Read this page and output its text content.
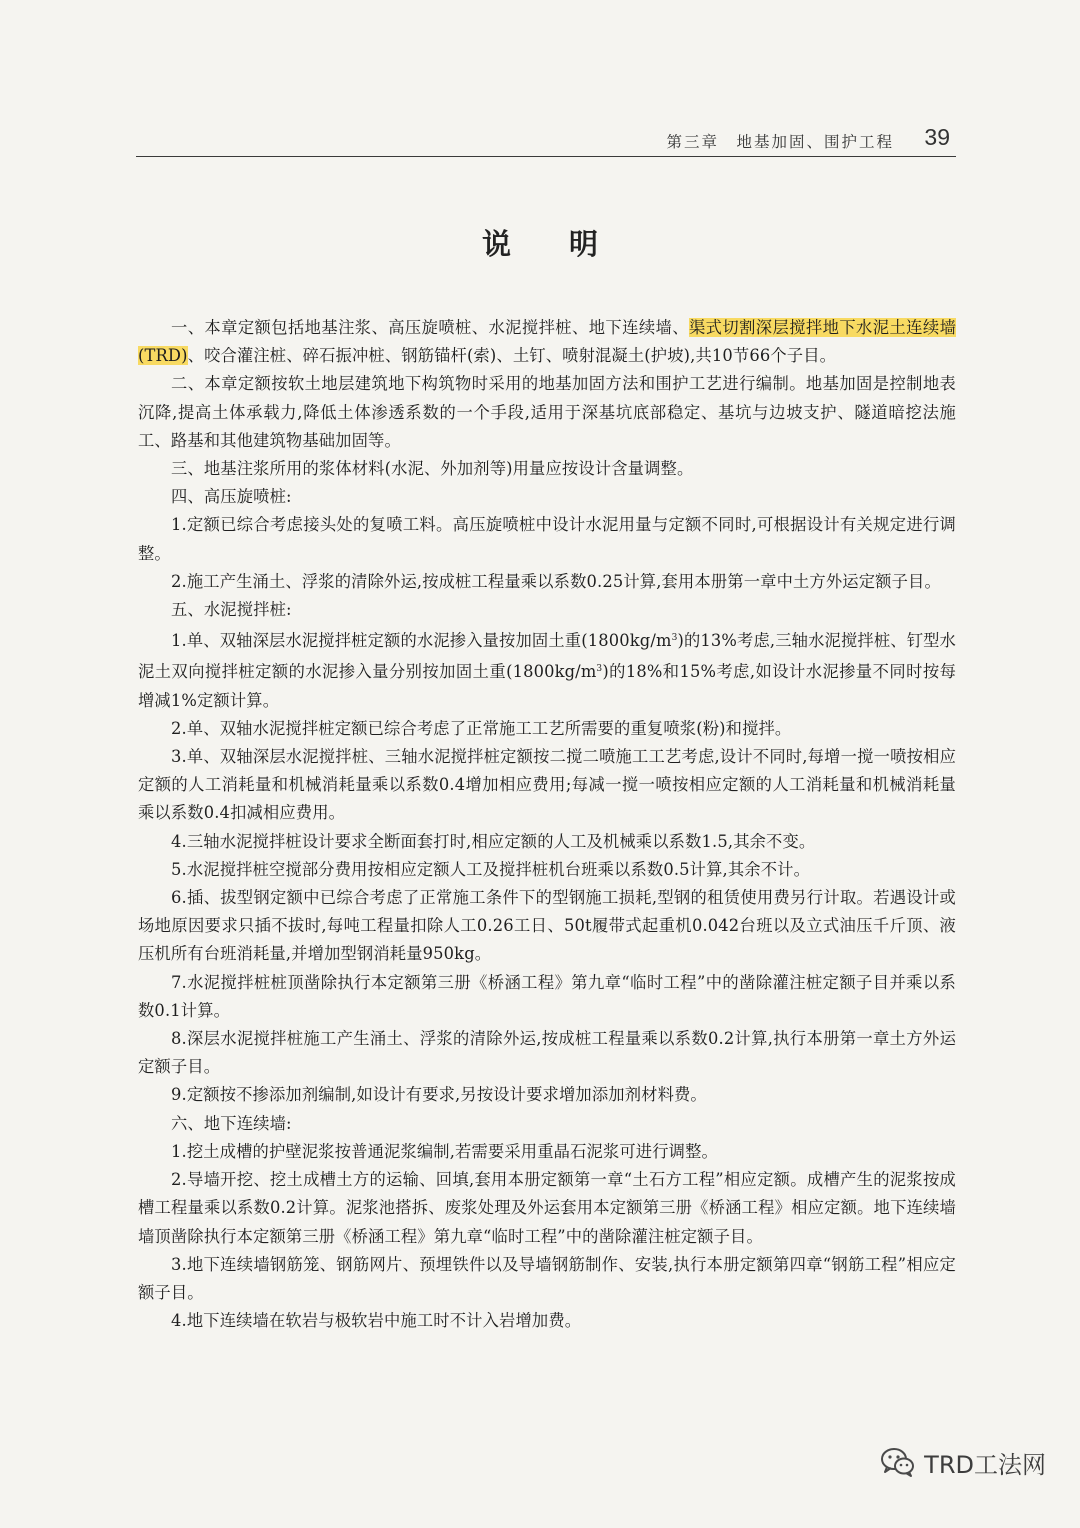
第三章　地基加固、围护工程 39
说明

一、本章定额包括地基注浆、高压旋喷桩、水泥搅拌桩、地下连续墙、渠式切割深层搅拌地下水泥土连续墙(TRD)、咬合灌注桩、碎石振冲桩、钢筋锚杆(索)、土钉、喷射混凝土(护坡),共10节66个子目。

二、本章定额按软土地层建筑地下构筑物时采用的地基加固方法和围护工艺进行编制。地基加固是控制地表沉降,提高土体承载力,降低土体渗透系数的一个手段,适用于深基坑底部稳定、基坑与边坡支护、隧道暗挖法施工、路基和其他建筑物基础加固等。

三、地基注浆所用的浆体材料(水泥、外加剂等)用量应按设计含量调整。

四、高压旋喷桩:

1.定额已综合考虑接头处的复喷工料。高压旋喷桩中设计水泥用量与定额不同时,可根据设计有关规定进行调整。

2.施工产生涌土、浮浆的清除外运,按成桩工程量乘以系数0.25计算,套用本册第一章中土方外运定额子目。

五、水泥搅拌桩:

1.单、双轴深层水泥搅拌桩定额的水泥掺入量按加固土重$(1800kg/m^3)$的13%考虑,三轴水泥搅拌桩、钉型水泥土双向搅拌桩定额的水泥掺入量分别按加固土重$(1800kg/m^3)$的18%和15%考虑,如设计水泥掺量不同时按每增减1%定额计算。

2.单、双轴水泥搅拌桩定额已综合考虑了正常施工工艺所需要的重复喷浆(粉)和搅拌。

3.单、双轴深层水泥搅拌桩、三轴水泥搅拌桩定额按二搅二喷施工工艺考虑,设计不同时,每增一搅一喷按相应定额的人工消耗量和机械消耗量乘以系数0.4增加相应费用;每减一搅一喷按相应定额的人工消耗量和机械消耗量乘以系数0.4扣减相应费用。

4.三轴水泥搅拌桩设计要求全断面套打时,相应定额的人工及机械乘以系数1.5,其余不变。

5.水泥搅拌桩空搅部分费用按相应定额人工及搅拌桩机台班乘以系数0.5计算,其余不计。

6.插、拔型钢定额中已综合考虑了正常施工条件下的型钢施工损耗,型钢的租赁使用费另行计取。若遇设计或场地原因要求只插不拔时,每吨工程量扣除人工0.26工日、50t履带式起重机0.042台班以及立式油压千斤顶、液压机所有台班消耗量,并增加型钢消耗量950kg。

7.水泥搅拌桩桩顶凿除执行本定额第三册《桥涵工程》第九章“临时工程”中的凿除灌注桩定额子目并乘以系数0.1计算。

8.深层水泥搅拌桩施工产生涌土、浮浆的清除外运,按成桩工程量乘以系数0.2计算,执行本册第一章土方外运定额子目。

9.定额按不掺添加剂编制,如设计有要求,另按设计要求增加添加剂材料费。

六、地下连续墙:

1.挖土成槽的护壁泥浆按普通泥浆编制,若需要采用重晶石泥浆可进行调整。

2.导墙开挖、挖土成槽土方的运输、回填,套用本册定额第一章“土石方工程”相应定额。成槽产生的泥浆按成槽工程量乘以系数0.2计算。泥浆池搭拆、废浆处理及外运套用本定额第三册《桥涵工程》相应定额。地下连续墙墙顶凿除执行本定额第三册《桥涵工程》第九章“临时工程”中的凿除灌注桩定额子目。

3.地下连续墙钢筋笼、钢筋网片、预埋铁件以及导墙钢筋制作、安装,执行本册定额第四章“钢筋工程”相应定额子目。

4.地下连续墙在软岩与极软岩中施工时不计入岩增加费。

TRD工法网
